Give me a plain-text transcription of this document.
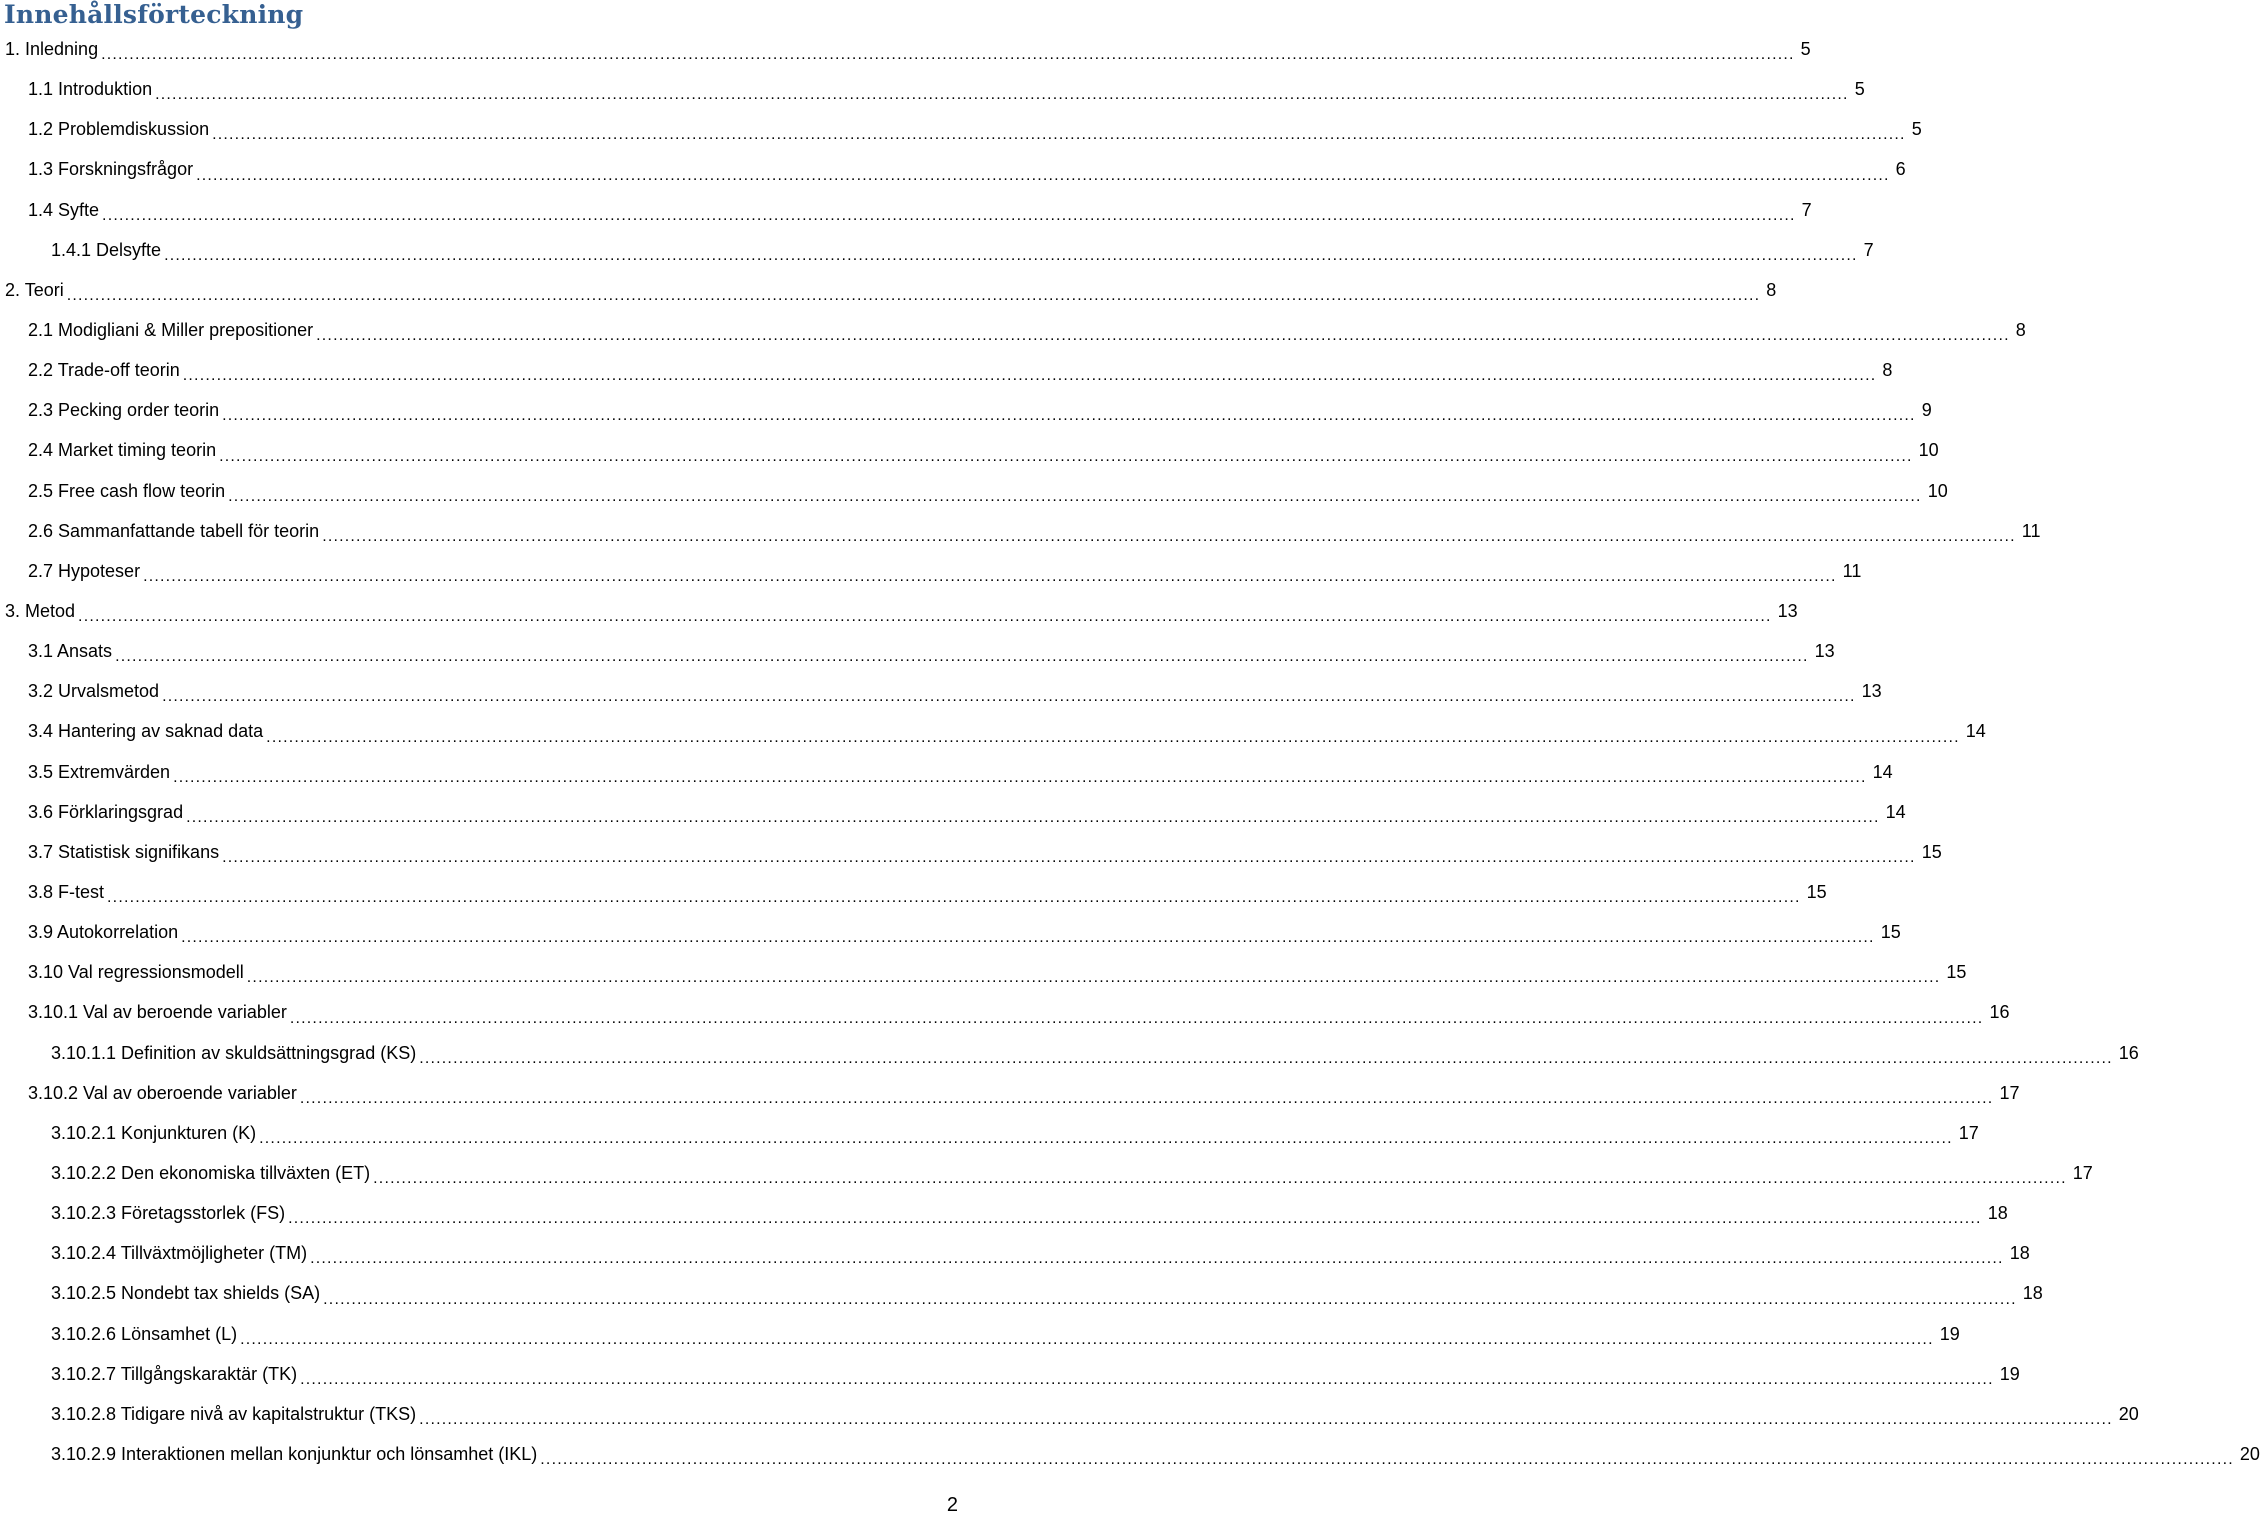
Innehållsförteckning
1. Inledning ............................................................................................................................................................................................................................................................................................................ 5
1.1 Introduktion ............................................................................................................................................................................................................................................................................................................ 5
1.2 Problemdiskussion ............................................................................................................................................................................................................................................................................................................ 5
1.3 Forskningsfrågor ............................................................................................................................................................................................................................................................................................................ 6
1.4 Syfte ............................................................................................................................................................................................................................................................................................................ 7
1.4.1 Delsyfte ............................................................................................................................................................................................................................................................................................................ 7
2. Teori ............................................................................................................................................................................................................................................................................................................ 8
2.1 Modigliani & Miller prepositioner ............................................................................................................................................................................................................................................................................................................ 8
2.2 Trade-off teorin ............................................................................................................................................................................................................................................................................................................ 8
2.3 Pecking order teorin ............................................................................................................................................................................................................................................................................................................ 9
2.4 Market timing teorin ............................................................................................................................................................................................................................................................................................................ 10
2.5 Free cash flow teorin ............................................................................................................................................................................................................................................................................................................ 10
2.6 Sammanfattande tabell för teorin ............................................................................................................................................................................................................................................................................................................ 11
2.7 Hypoteser ............................................................................................................................................................................................................................................................................................................ 11
3. Metod ............................................................................................................................................................................................................................................................................................................ 13
3.1 Ansats ............................................................................................................................................................................................................................................................................................................ 13
3.2 Urvalsmetod ............................................................................................................................................................................................................................................................................................................ 13
3.4 Hantering av saknad data ............................................................................................................................................................................................................................................................................................................ 14
3.5 Extremvärden ............................................................................................................................................................................................................................................................................................................ 14
3.6 Förklaringsgrad ............................................................................................................................................................................................................................................................................................................ 14
3.7 Statistisk signifikans ............................................................................................................................................................................................................................................................................................................ 15
3.8 F-test ............................................................................................................................................................................................................................................................................................................ 15
3.9 Autokorrelation ............................................................................................................................................................................................................................................................................................................ 15
3.10 Val regressionsmodell ............................................................................................................................................................................................................................................................................................................ 15
3.10.1 Val av beroende variabler ............................................................................................................................................................................................................................................................................................................ 16
3.10.1.1 Definition av skuldsättningsgrad (KS) ............................................................................................................................................................................................................................................................................................................ 16
3.10.2 Val av oberoende variabler ............................................................................................................................................................................................................................................................................................................ 17
3.10.2.1 Konjunkturen (K) ............................................................................................................................................................................................................................................................................................................ 17
3.10.2.2 Den ekonomiska tillväxten (ET) ............................................................................................................................................................................................................................................................................................................ 17
3.10.2.3 Företagsstorlek (FS) ............................................................................................................................................................................................................................................................................................................ 18
3.10.2.4 Tillväxtmöjligheter (TM) ............................................................................................................................................................................................................................................................................................................ 18
3.10.2.5 Nondebt tax shields (SA) ............................................................................................................................................................................................................................................................................................................ 18
3.10.2.6 Lönsamhet (L) ............................................................................................................................................................................................................................................................................................................ 19
3.10.2.7 Tillgångskaraktär (TK) ............................................................................................................................................................................................................................................................................................................ 19
3.10.2.8 Tidigare nivå av kapitalstruktur (TKS) ............................................................................................................................................................................................................................................................................................................ 20
3.10.2.9 Interaktionen mellan konjunktur och lönsamhet (IKL) ............................................................................................................................................................................................................................................................................................................ 20
2
